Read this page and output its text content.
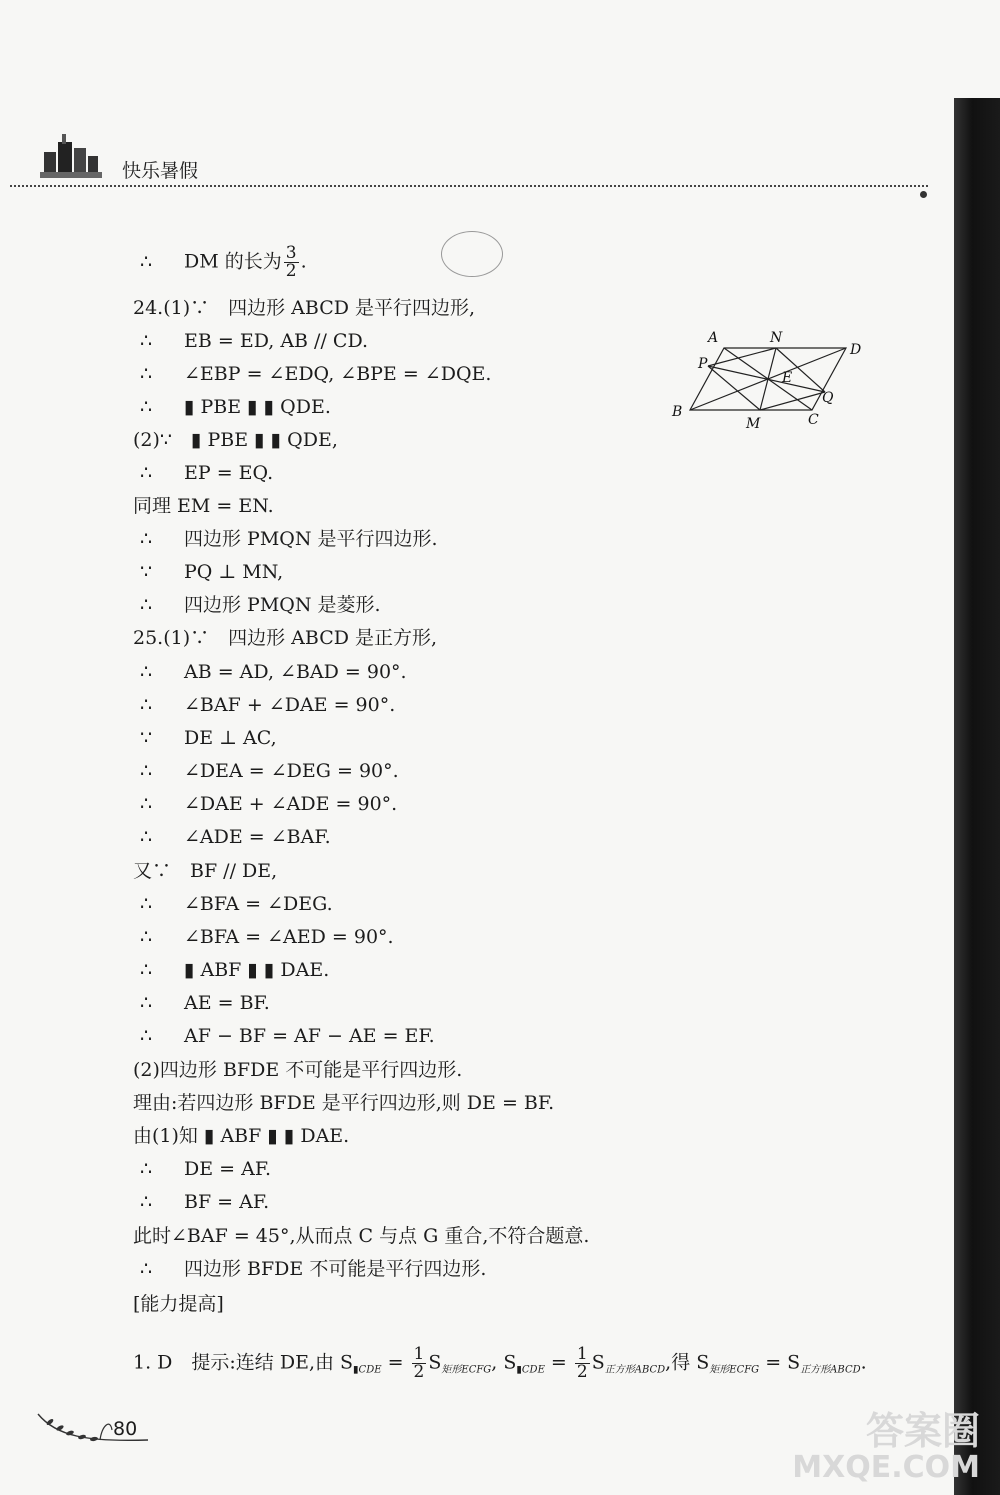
快乐暑假
A	N
D
P
E
Q
B
M	C
∴ DM 的长为 $\frac{3}{2}$ .
24.(1)∵　四边形 ABCD 是平行四边形,
∴ EB = ED, AB // CD.
∴ ∠EBP = ∠EDQ, ∠BPE = ∠DQE.
∴ ▮ PBE ▮ ▮ QDE.
(2)∵　▮ PBE ▮ ▮ QDE,
∴ EP = EQ.
同理 EM = EN.
∴ 四边形 PMQN 是平行四边形.
∵ PQ ⊥ MN,
∴ 四边形 PMQN 是菱形.
25.(1)∵　四边形 ABCD 是正方形,
∴ AB = AD, ∠BAD = 90°.
∴ ∠BAF + ∠DAE = 90°.
∵ DE ⊥ AC,
∴ ∠DEA = ∠DEG = 90°.
∴ ∠DAE + ∠ADE = 90°.
∴ ∠ADE = ∠BAF.
又∵　BF // DE,
∴ ∠BFA = ∠DEG.
∴ ∠BFA = ∠AED = 90°.
∴ ▮ ABF ▮ ▮ DAE.
∴ AE = BF.
∴ AF − BF = AF − AE = EF.
(2)四边形 BFDE 不可能是平行四边形.
理由:若四边形 BFDE 是平行四边形,则 DE = BF.
由(1)知 ▮ ABF ▮ ▮ DAE.
∴ DE = AF.
∴ BF = AF.
此时∠BAF = 45°,从而点 C 与点 G 重合,不符合题意.
∴ 四边形 BFDE 不可能是平行四边形.
[能力提高]
1. D　提示:连结 DE,由 $S_{▮CDE} = \frac{1}{2} S_{矩形ECFG}$, $S_{▮CDE} = \frac{1}{2} S_{正方形ABCD}$,得 $S_{矩形ECFG} = S_{正方形ABCD}$.
80	答案圈
MXQE.COM
